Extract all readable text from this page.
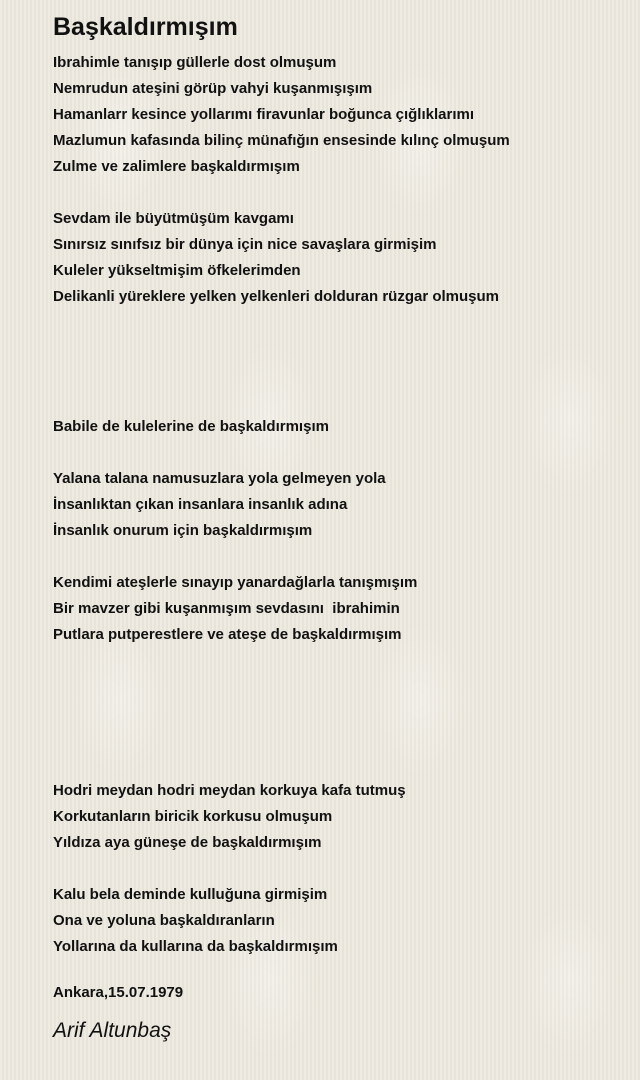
Başkaldırmışım
Ibrahimle tanışıp güllerle dost olmuşum
Nemrudun ateşini görüp vahyi kuşanmışışım
Hamanlarr kesince yollarımı firavunlar boğunca çığlıklarımı
Mazlumun kafasında bilinç münafığın ensesinde kılınç olmuşum
Zulme ve zalimlere başkaldırmışım
Sevdam ile büyütmüşüm kavgamı
Sınırsız sınıfsız bir dünya için nice savaşlara girmişim
Kuleler yükseltmişim öfkelerimden
Delikanli yüreklere yelken yelkenleri dolduran rüzgar olmuşum
Babile de kulelerine de başkaldırmışım
Yalana talana namusuzlara yola gelmeyen yola
İnsanlıktan çıkan insanlara insanlık adına
İnsanlık onurum için başkaldırmışım
Kendimi ateşlerle sınayıp yanardağlarla tanışmışım
Bir mavzer gibi kuşanmışım sevdasını  ibrahimin
Putlara putperestlere ve ateşe de başkaldırmışım
Hodri meydan hodri meydan korkuya kafa tutmuş
Korkutanların biricik korkusu olmuşum
Yıldıza aya güneşe de başkaldırmışım
Kalu bela deminde kulluğuna girmişim
Ona ve yoluna başkaldıranların
Yollarına da kullarına da başkaldırmışım
Ankara,15.07.1979
Arif Altunbaş
